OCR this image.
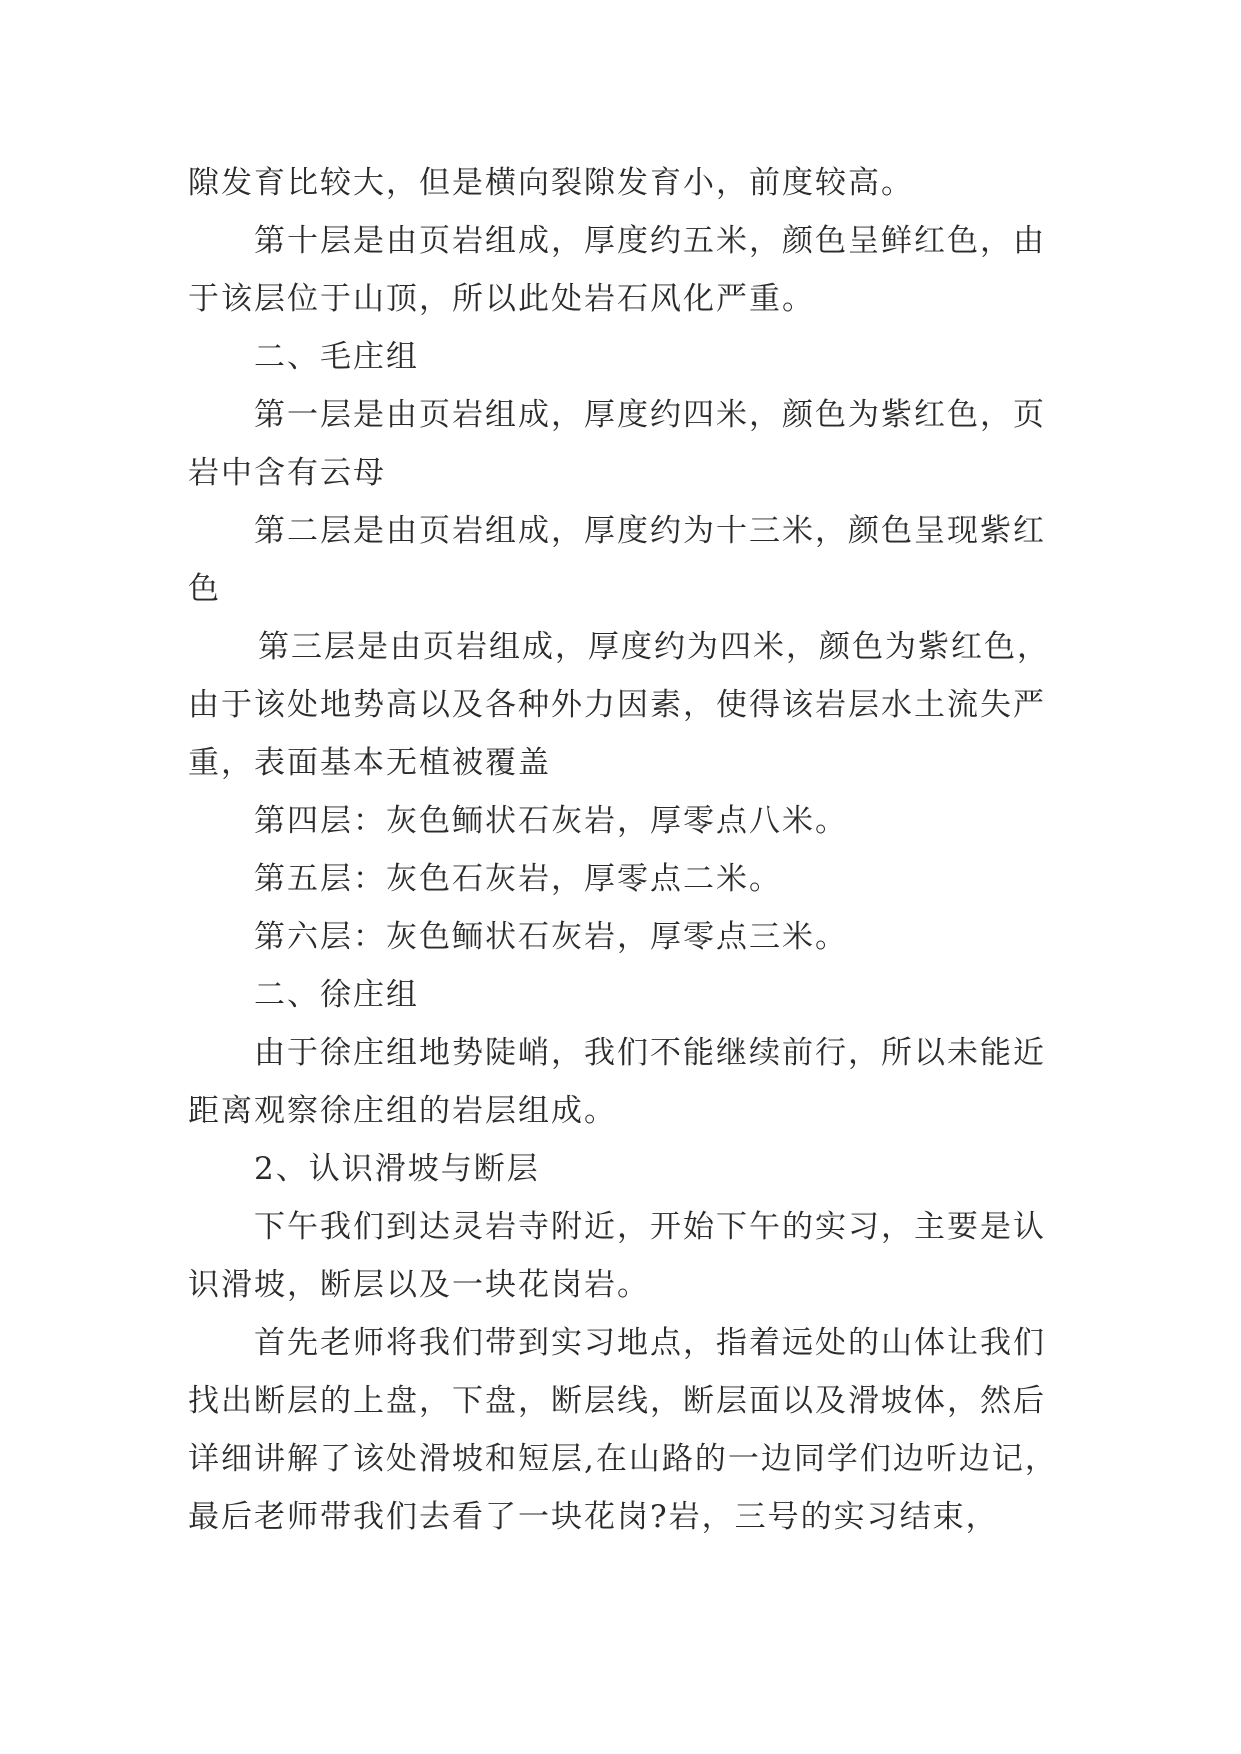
隙发育比较大，但是横向裂隙发育小，前度较高。

第十层是由页岩组成，厚度约五米，颜色呈鲜红色，由于该层位于山顶，所以此处岩石风化严重。

二、毛庄组

第一层是由页岩组成，厚度约四米，颜色为紫红色，页岩中含有云母

第二层是由页岩组成，厚度约为十三米，颜色呈现紫红色

第三层是由页岩组成，厚度约为四米，颜色为紫红色，由于该处地势高以及各种外力因素，使得该岩层水土流失严重，表面基本无植被覆盖

第四层：灰色鲕状石灰岩，厚零点八米。

第五层：灰色石灰岩，厚零点二米。

第六层：灰色鲕状石灰岩，厚零点三米。

二、徐庄组

由于徐庄组地势陡峭，我们不能继续前行，所以未能近距离观察徐庄组的岩层组成。

2、认识滑坡与断层

下午我们到达灵岩寺附近，开始下午的实习，主要是认识滑坡，断层以及一块花岗岩。

首先老师将我们带到实习地点，指着远处的山体让我们找出断层的上盘，下盘，断层线，断层面以及滑坡体，然后详细讲解了该处滑坡和短层,在山路的一边同学们边听边记，最后老师带我们去看了一块花岗?岩，三号的实习结束，
